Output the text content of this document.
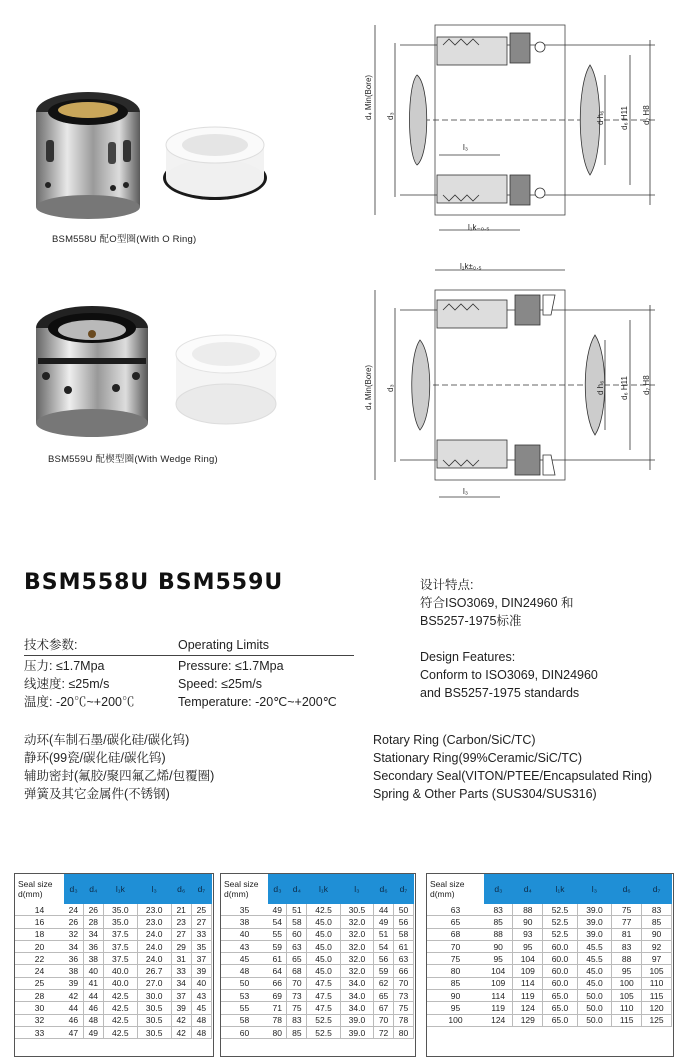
BSM558U 配O型圈(With O Ring)
BSM559U 配楔型圈(With Wedge Ring)
d₄ Min(Bore) d₃	d h₆ d₆ H11 d₇ H8
l₃
l₁k₋₀.₅
l₁k±₀.₅
d₄ Min(Bore) d₃	d h₆ d₆ H11 d₇ H8
l₃
BSM558U BSM559U	设计特点:
符合ISO3069, DIN24960 和
BS5257-1975标准
Design Features:
Conform to ISO3069, DIN24960
and BS5257-1975 standards
技术参数:	Operating Limits
压力: ≤1.7Mpa
线速度: ≤25m/s
温度: -20℃~+200℃
Pressure: ≤1.7Mpa
Speed: ≤25m/s
Temperature: -20℃~+200℃
动环(车制石墨/碳化硅/碳化钨)
静环(99瓷/碳化硅/碳化钨)
辅助密封(氟胶/聚四氟乙烯/包覆圈)
弹簧及其它金属件(不锈钢)
Rotary Ring (Carbon/SiC/TC)
Stationary Ring(99%Ceramic/SiC/TC)
Secondary Seal(VITON/PTEE/Encapsulated Ring)
Spring & Other Parts (SUS304/SUS316)
Seal size
d(mm)	d₃	d₄	l₁k	l₃	d₆	d₇
14	24	26	35.0	23.0	21	25
16	26	28	35.0	23.0	23	27
18	32	34	37.5	24.0	27	33
20	34	36	37.5	24.0	29	35
22	36	38	37.5	24.0	31	37
24	38	40	40.0	26.7	33	39
25	39	41	40.0	27.0	34	40
28	42	44	42.5	30.0	37	43
30	44	46	42.5	30.5	39	45
32	46	48	42.5	30.5	42	48
33	47	49	42.5	30.5	42	48
Seal size
d(mm)	d₃	d₄	l₁k	l₃	d₆	d₇
35	49	51	42.5	30.5	44	50
38	54	58	45.0	32.0	49	56
40	55	60	45.0	32.0	51	58
43	59	63	45.0	32.0	54	61
45	61	65	45.0	32.0	56	63
48	64	68	45.0	32.0	59	66
50	66	70	47.5	34.0	62	70
53	69	73	47.5	34.0	65	73
55	71	75	47.5	34.0	67	75
58	78	83	52.5	39.0	70	78
60	80	85	52.5	39.0	72	80
Seal size
d(mm)	d₃	d₄	l₁k	l₃	d₆	d₇
63	83	88	52.5	39.0	75	83
65	85	90	52.5	39.0	77	85
68	88	93	52.5	39.0	81	90
70	90	95	60.0	45.5	83	92
75	95	104	60.0	45.5	88	97
80	104	109	60.0	45.0	95	105
85	109	114	60.0	45.0	100	110
90	114	119	65.0	50.0	105	115
95	119	124	65.0	50.0	110	120
100	124	129	65.0	50.0	115	125
